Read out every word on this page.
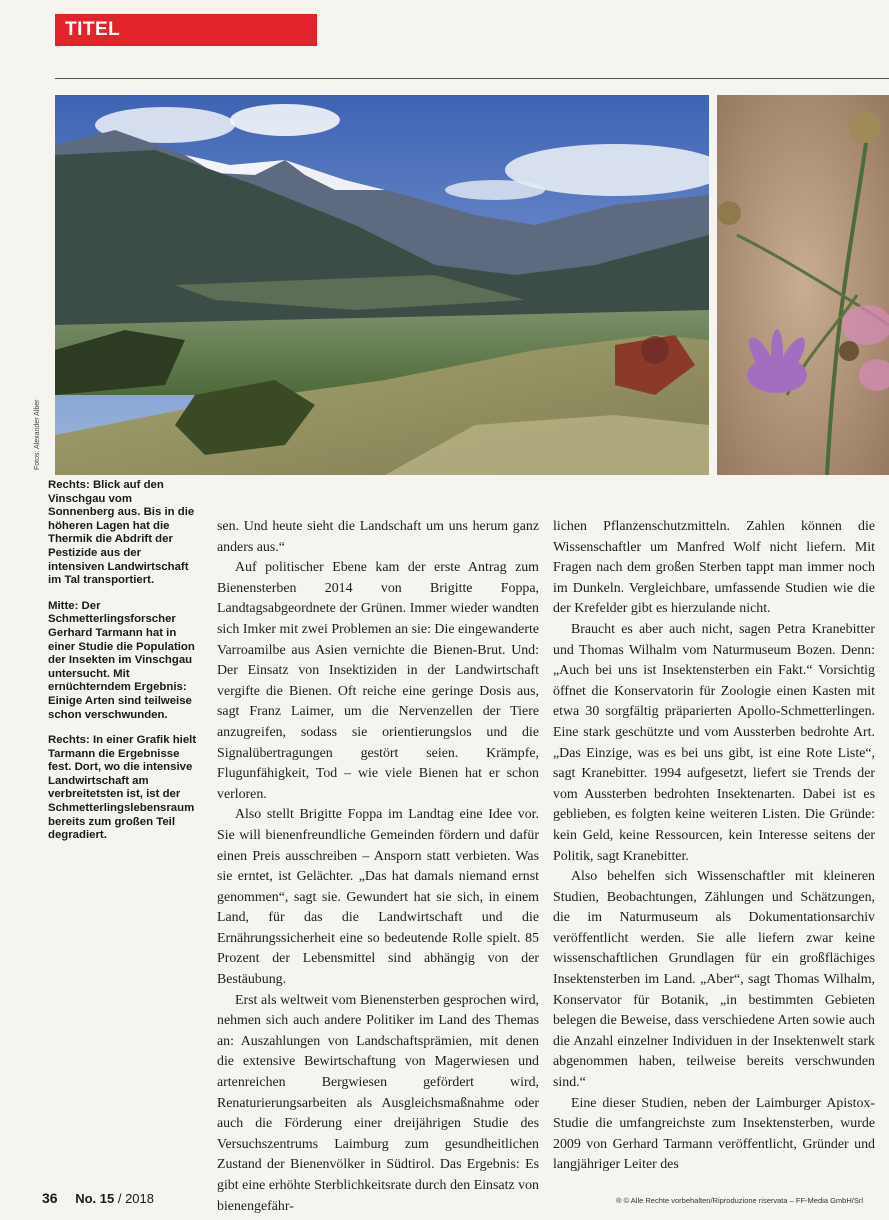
TITEL
Fotos: Alexander Alber

Rechts: Blick auf den Vinschgau vom Sonnenberg aus. Bis in die höheren Lagen hat die Thermik die Abdrift der Pestizide aus der intensiven Landwirtschaft im Tal transportiert.

Mitte: Der Schmetterlingsforscher Gerhard Tarmann hat in einer Studie die Population der Insekten im Vinschgau untersucht. Mit ernüchterndem Ergebnis: Einige Arten sind teilweise schon verschwunden.

Rechts: In einer Grafik hielt Tarmann die Ergebnisse fest. Dort, wo die intensive Landwirtschaft am verbreitetsten ist, ist der Schmetterlingslebensraum bereits zum großen Teil degradiert.

sen. Und heute sieht die Landschaft um uns herum ganz anders aus.“

Auf politischer Ebene kam der erste Antrag zum Bienensterben 2014 von Brigitte Foppa, Landtagsabgeordnete der Grünen. Immer wieder wandten sich Imker mit zwei Problemen an sie: Die eingewanderte Varroamilbe aus Asien vernichte die Bienen-Brut. Und: Der Einsatz von Insektiziden in der Landwirtschaft vergifte die Bienen. Oft reiche eine geringe Dosis aus, sagt Franz Laimer, um die Nervenzellen der Tiere anzugreifen, sodass sie orientierungslos und die Signalübertragungen gestört seien. Krämpfe, Flugunfähigkeit, Tod – wie viele Bienen hat er schon verloren.

Also stellt Brigitte Foppa im Landtag eine Idee vor. Sie will bienenfreundliche Gemeinden fördern und dafür einen Preis ausschreiben – Ansporn statt verbieten. Was sie erntet, ist Gelächter. „Das hat damals niemand ernst genommen“, sagt sie. Gewundert hat sie sich, in einem Land, für das die Landwirtschaft und die Ernährungssicherheit eine so bedeutende Rolle spielt. 85 Prozent der Lebensmittel sind abhängig von der Bestäubung.

Erst als weltweit vom Bienensterben gesprochen wird, nehmen sich auch andere Politiker im Land des Themas an: Auszahlungen von Landschaftsprämien, mit denen die extensive Bewirtschaftung von Magerwiesen und artenreichen Bergwiesen gefördert wird, Renaturierungsarbeiten als Ausgleichsmaßnahme oder auch die Förderung einer dreijährigen Studie des Versuchszentrums Laimburg zum gesundheitlichen Zustand der Bienenvölker in Südtirol. Das Ergebnis: Es gibt eine erhöhte Sterblichkeitsrate durch den Einsatz von bienengefähr-

lichen Pflanzenschutzmitteln. Zahlen können die Wissenschaftler um Manfred Wolf nicht liefern. Mit Fragen nach dem großen Sterben tappt man immer noch im Dunkeln. Vergleichbare, umfassende Studien wie die der Krefelder gibt es hierzulande nicht.

Braucht es aber auch nicht, sagen Petra Kranebitter und Thomas Wilhalm vom Naturmuseum Bozen. Denn: „Auch bei uns ist Insektensterben ein Fakt.“ Vorsichtig öffnet die Konservatorin für Zoologie einen Kasten mit etwa 30 sorgfältig präparierten Apollo-Schmetterlingen. Eine stark geschützte und vom Aussterben bedrohte Art. „Das Einzige, was es bei uns gibt, ist eine Rote Liste“, sagt Kranebitter. 1994 aufgesetzt, liefert sie Trends der vom Aussterben bedrohten Insektenarten. Dabei ist es geblieben, es folgten keine weiteren Listen. Die Gründe: kein Geld, keine Ressourcen, kein Interesse seitens der Politik, sagt Kranebitter.

Also behelfen sich Wissenschaftler mit kleineren Studien, Beobachtungen, Zählungen und Schätzungen, die im Naturmuseum als Dokumentationsarchiv veröffentlicht werden. Sie alle liefern zwar keine wissenschaftlichen Grundlagen für ein großflächiges Insektensterben im Land. „Aber“, sagt Thomas Wilhalm, Konservator für Botanik, „in bestimmten Gebieten belegen die Beweise, dass verschiedene Arten sowie auch die Anzahl einzelner Individuen in der Insektenwelt stark abgenommen haben, teilweise bereits verschwunden sind.“

Eine dieser Studien, neben der Laimburger Apistox-Studie die umfangreichste zum Insektensterben, wurde 2009 von Gerhard Tarmann veröffentlicht, Gründer und langjähriger Leiter des

36 No. 15 / 2018	® © Alle Rechte vorbehalten/Riproduzione riservata – FF-Media GmbH/Srl
